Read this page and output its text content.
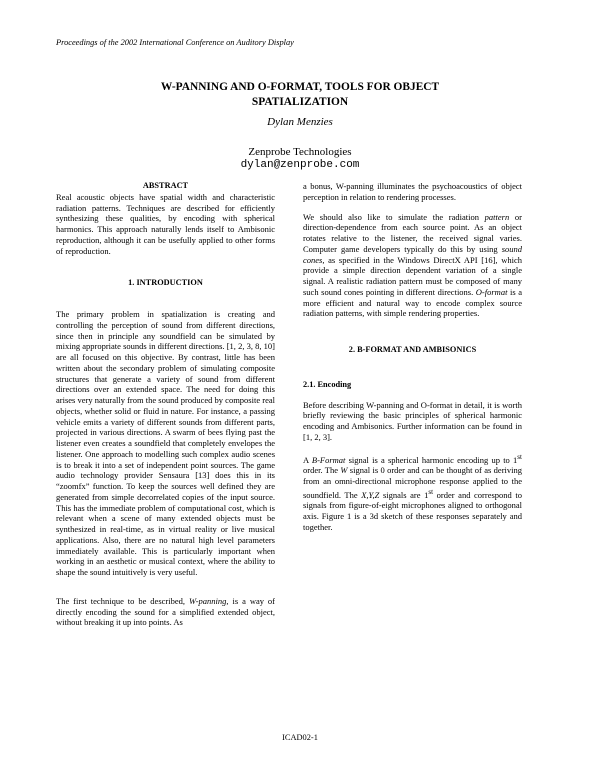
Proceedings of the 2002 International Conference on Auditory Display
W-PANNING AND O-FORMAT, TOOLS FOR OBJECT
SPATIALIZATION
Dylan Menzies
Zenprobe Technologies
dylan@zenprobe.com
ABSTRACT

Real acoustic objects have spatial width and characteristic radiation patterns. Techniques are described for efficiently synthesizing these qualities, by encoding with spherical harmonics. This approach naturally lends itself to Ambisonic reproduction, although it can be usefully applied to other forms of reproduction.

1. INTRODUCTION

The primary problem in spatialization is creating and controlling the perception of sound from different directions, since then in principle any soundfield can be simulated by mixing appropriate sounds in different directions. [1, 2, 3, 8, 10] are all focused on this objective. By contrast, little has been written about the secondary problem of simulating composite structures that generate a variety of sound from different directions over an extended space. The need for doing this arises very naturally from the sound produced by composite real objects, whether solid or fluid in nature. For instance, a passing vehicle emits a variety of different sounds from different parts, projected in various directions. A swarm of bees flying past the listener even creates a soundfield that completely envelopes the listener. One approach to modelling such complex audio scenes is to break it into a set of independent point sources. The game audio technology provider Sensaura [13] does this in its “zoomfx” function. To keep the sources well defined they are generated from simple decorrelated copies of the input source. This has the immediate problem of computational cost, which is relevant when a scene of many extended objects must be synthesized in real-time, as in virtual reality or live musical applications. Also, there are no natural high level parameters immediately available. This is particularly important when working in an aesthetic or musical context, where the ability to shape the sound intuitively is very useful.

The first technique to be described, W-panning, is a way of directly encoding the sound for a simplified extended object, without breaking it up into points. As

a bonus, W-panning illuminates the psychoacoustics of object perception in relation to rendering processes.

We should also like to simulate the radiation pattern or direction-dependence from each source point. As an object rotates relative to the listener, the received signal varies. Computer game developers typically do this by using sound cones, as specified in the Windows DirectX API [16], which provide a simple direction dependent variation of a single signal. A realistic radiation pattern must be composed of many such sound cones pointing in different directions. O-format is a more efficient and natural way to encode complex source radiation patterns, with simple rendering properties.

2. B-FORMAT AND AMBISONICS
2.1. Encoding

Before describing W-panning and O-format in detail, it is worth briefly reviewing the basic principles of spherical harmonic encoding and Ambisonics. Further information can be found in [1, 2, 3].

A B-Format signal is a spherical harmonic encoding up to 1st order. The W signal is 0 order and can be thought of as deriving from an omni-directional microphone response applied to the soundfield. The X,Y,Z signals are 1st order and correspond to signals from figure-of-eight microphones aligned to orthogonal axis. Figure 1 is a 3d sketch of these responses separately and together.

ICAD02-1
